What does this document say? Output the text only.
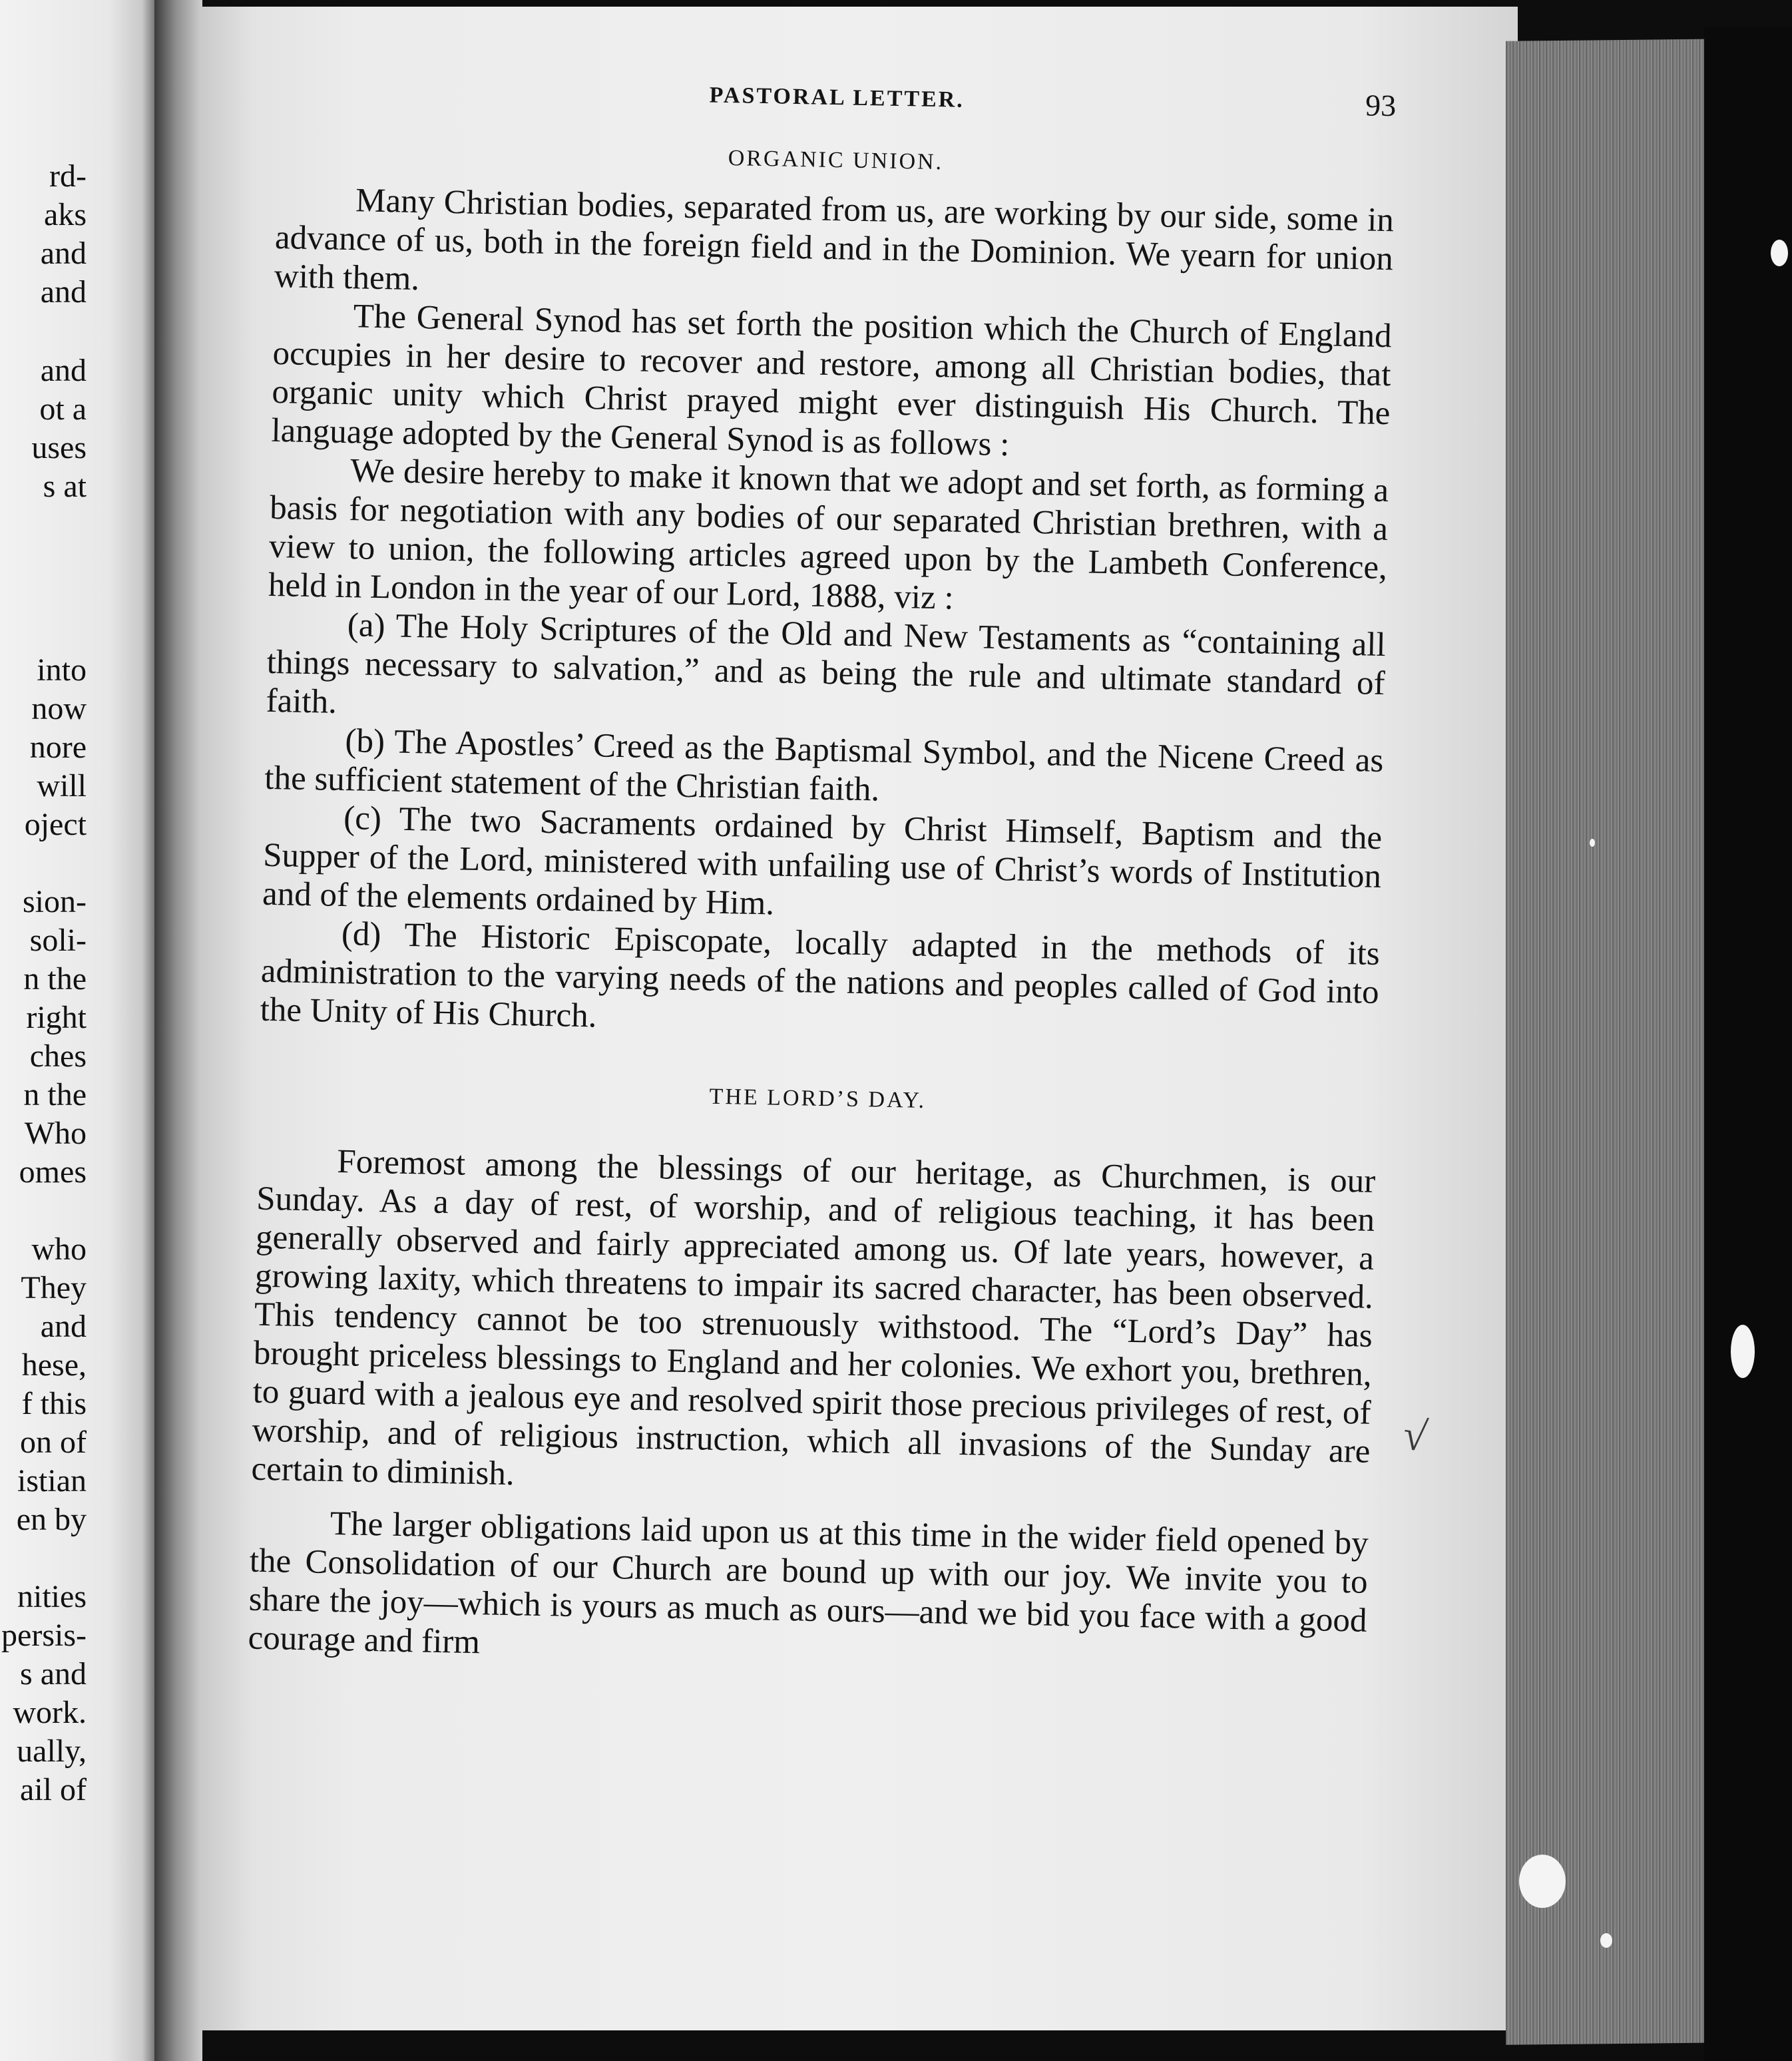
rd-
aks
and
and
and
ot a
uses
s at
into
now
nore
will
oject
sion-
soli-
n the
right
ches
n the
Who
omes
who
They
and
hese,
f this
on of
istian
en by
nities
persis-
s and
work.
ually,
ail of
PASTORAL LETTER.	93
ORGANIC UNION.

Many Christian bodies, separated from us, are working by our side, some in advance of us, both in the foreign field and in the Dominion. We yearn for union with them.

The General Synod has set forth the position which the Church of England occupies in her desire to recover and restore, among all Christian bodies, that organic unity which Christ prayed might ever distinguish His Church. The language adopted by the General Synod is as follows :

We desire hereby to make it known that we adopt and set forth, as forming a basis for negotiation with any bodies of our separated Christian brethren, with a view to union, the following articles agreed upon by the Lambeth Conference, held in London in the year of our Lord, 1888, viz :

(a) The Holy Scriptures of the Old and New Testaments as “containing all things necessary to salvation,” and as being the rule and ultimate standard of faith.

(b) The Apostles’ Creed as the Baptismal Symbol, and the Nicene Creed as the sufficient statement of the Christian faith.

(c) The two Sacraments ordained by Christ Himself, Baptism and the Supper of the Lord, ministered with unfailing use of Christ’s words of Institution and of the elements ordained by Him.

(d) The Historic Episcopate, locally adapted in the methods of its administration to the varying needs of the nations and peoples called of God into the Unity of His Church.

THE LORD’S DAY.

Foremost among the blessings of our heritage, as Churchmen, is our Sunday. As a day of rest, of worship, and of religious teaching, it has been generally observed and fairly appreciated among us. Of late years, however, a growing laxity, which threatens to impair its sacred character, has been observed. This tendency cannot be too strenuously withstood. The “Lord’s Day” has brought priceless blessings to England and her colonies. We exhort you, brethren, to guard with a jealous eye and resolved spirit those precious privileges of rest, of worship, and of religious instruction, which all invasions of the Sunday are certain to diminish.

The larger obligations laid upon us at this time in the wider field opened by the Consolidation of our Church are bound up with our joy. We invite you to share the joy—which is yours as much as ours—and we bid you face with a good courage and firm

√
